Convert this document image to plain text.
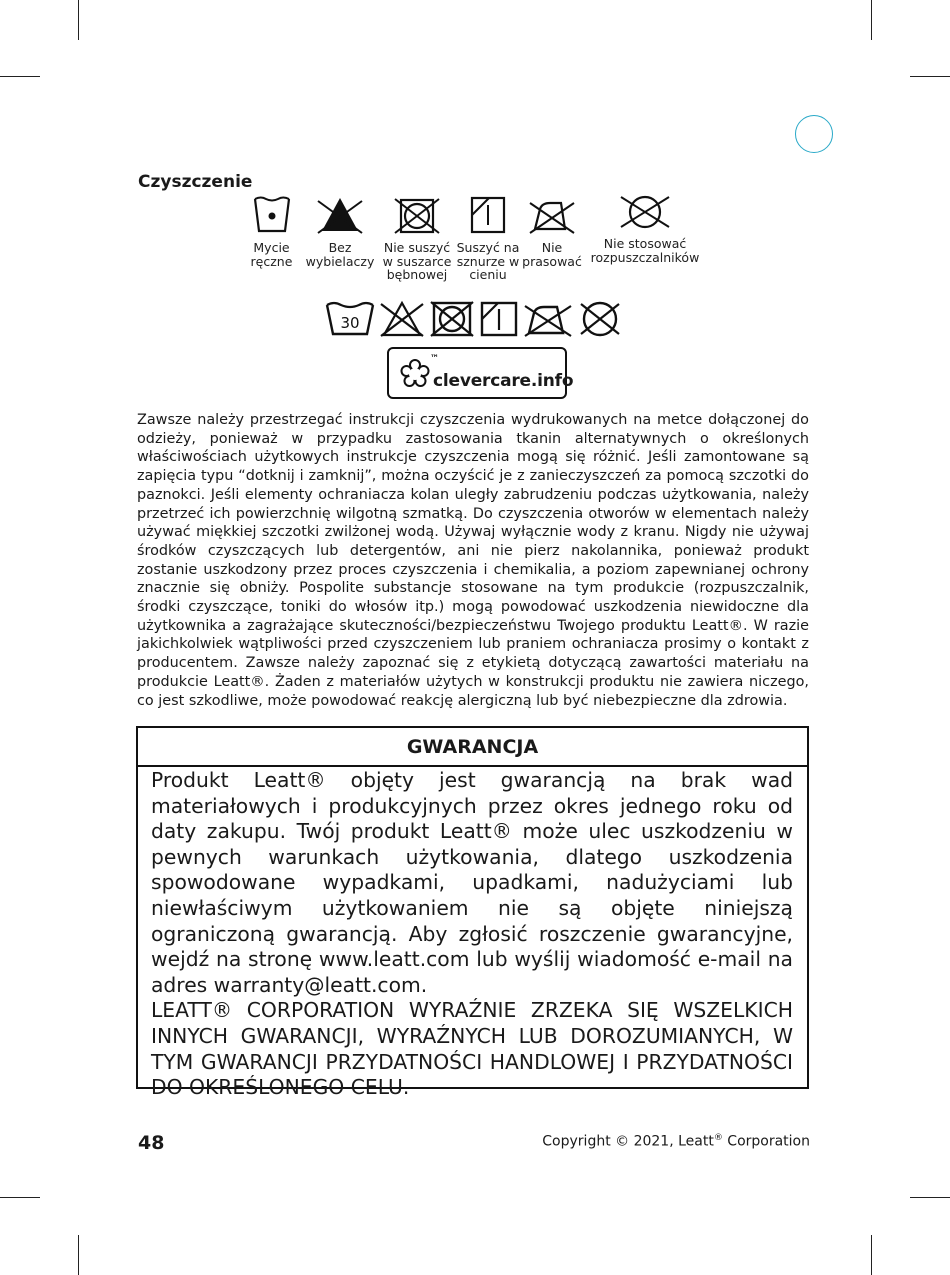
Czyszczenie
Mycie ręczne
Bez wybielaczy
Nie suszyć w suszarce bębnowej
Suszyć na sznurze w cieniu
Nie prasować
Nie stosować rozpuszczalników
30
™
clevercare.info

Zawsze należy przestrzegać instrukcji czyszczenia wydrukowanych na metce dołączonej do odzieży, ponieważ w przypadku zastosowania tkanin alternatywnych o określonych właściwościach użytkowych instrukcje czyszczenia mogą się różnić. Jeśli zamontowane są zapięcia typu “dotknij i zamknij”, można oczyścić je z zanieczyszczeń za pomocą szczotki do paznokci. Jeśli elementy ochraniacza kolan uległy zabrudzeniu podczas użytkowania, należy przetrzeć ich powierzchnię wilgotną szmatką. Do czyszczenia otworów w elementach należy używać miękkiej szczotki zwilżonej wodą. Używaj wyłącznie wody z kranu. Nigdy nie używaj środków czyszczących lub detergentów, ani nie pierz nakolannika, ponieważ produkt zostanie uszkodzony przez proces czyszczenia i chemikalia, a poziom zapewnianej ochrony znacznie się obniży. Pospolite substancje stosowane na tym produkcie (rozpuszczalnik, środki czyszczące, toniki do włosów itp.) mogą powodować uszkodzenia niewidoczne dla użytkownika a zagrażające skuteczności/bezpieczeństwu Twojego produktu Leatt®. W razie jakichkolwiek wątpliwości przed czyszczeniem lub praniem ochraniacza prosimy o kontakt z producentem. Zawsze należy zapoznać się z etykietą dotyczącą zawartości materiału na produkcie Leatt®. Żaden z materiałów użytych w konstrukcji produktu nie zawiera niczego, co jest szkodliwe, może powodować reakcję alergiczną lub być niebezpieczne dla zdrowia.

GWARANCJA

Produkt Leatt® objęty jest gwarancją na brak wad materiałowych i produkcyjnych przez okres jednego roku od daty zakupu. Twój produkt Leatt® może ulec uszkodzeniu w pewnych warunkach użytkowania, dlatego uszkodzenia spowodowane wypadkami, upadkami, nadużyciami lub niewłaściwym użytkowaniem nie są objęte niniejszą ograniczoną gwarancją. Aby zgłosić roszczenie gwarancyjne, wejdź na stronę www.leatt.com lub wyślij wiadomość e-mail na adres warranty@leatt.com.

LEATT® CORPORATION WYRAŹNIE ZRZEKA SIĘ WSZELKICH INNYCH GWARANCJI, WYRAŹNYCH LUB DOROZUMIANYCH, W TYM GWARANCJI PRZYDATNOŚCI HANDLOWEJ I PRZYDATNOŚCI DO OKREŚLONEGO CELU.

48	Copyright © 2021, Leatt® Corporation
